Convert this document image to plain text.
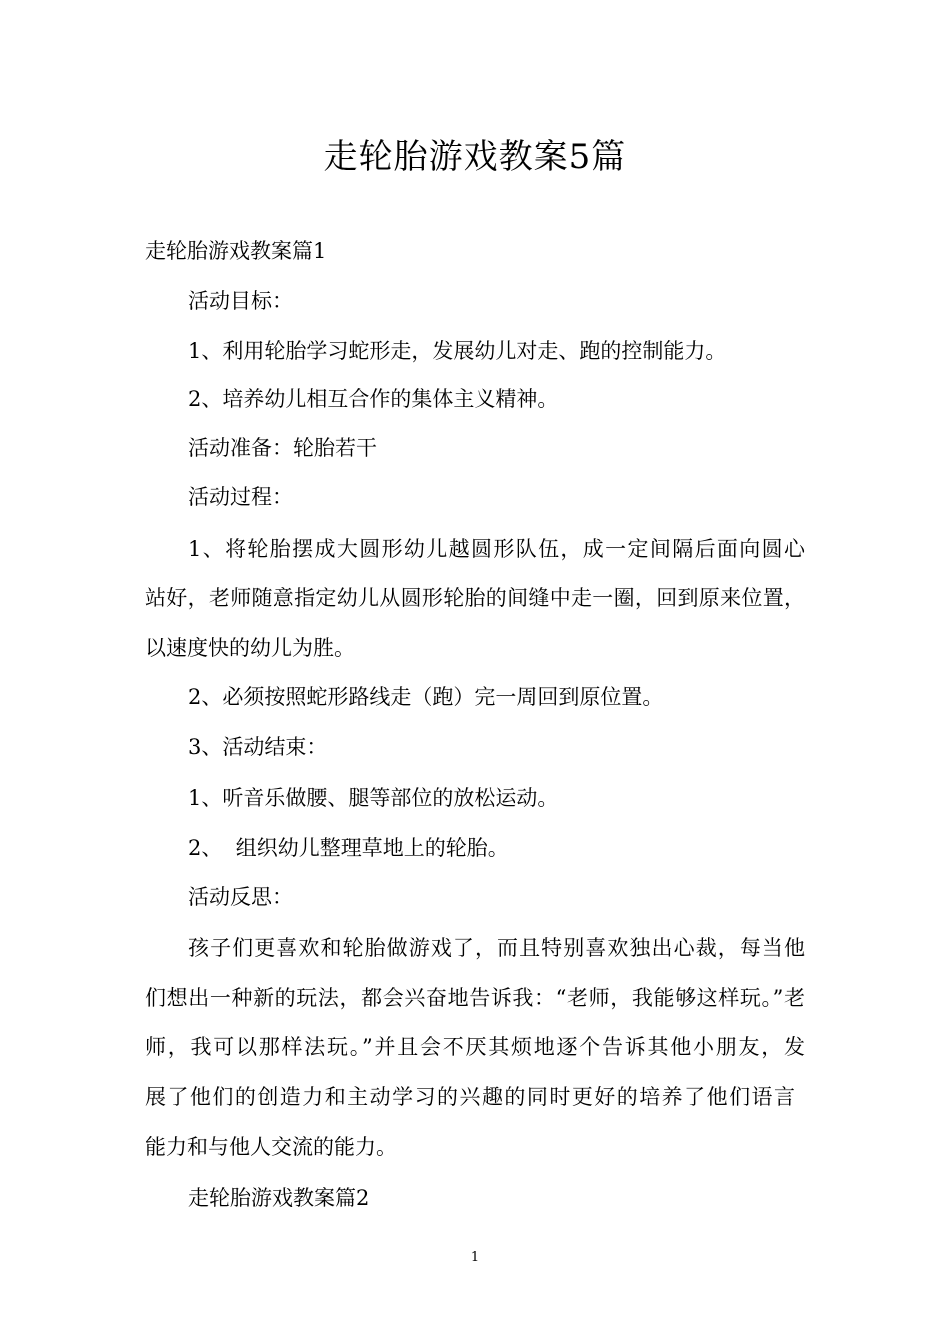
走轮胎游戏教案5篇
走轮胎游戏教案篇1
活动目标：
1、利用轮胎学习蛇形走，发展幼儿对走、跑的控制能力。
2、培养幼儿相互合作的集体主义精神。
活动准备：轮胎若干
活动过程：
1、将轮胎摆成大圆形幼儿越圆形队伍，成一定间隔后面向圆心
站好，老师随意指定幼儿从圆形轮胎的间缝中走一圈，回到原来位置，
以速度快的幼儿为胜。
2、必须按照蛇形路线走（跑）完一周回到原位置。
3、活动结束：
1、听音乐做腰、腿等部位的放松运动。
2、  组织幼儿整理草地上的轮胎。
活动反思：
孩子们更喜欢和轮胎做游戏了，而且特别喜欢独出心裁，每当他
们想出一种新的玩法，都会兴奋地告诉我：“老师，我能够这样玩。”老
师，我可以那样法玩。”并且会不厌其烦地逐个告诉其他小朋友，发
展了他们的创造力和主动学习的兴趣的同时更好的培养了他们语言
能力和与他人交流的能力。
走轮胎游戏教案篇2
1
